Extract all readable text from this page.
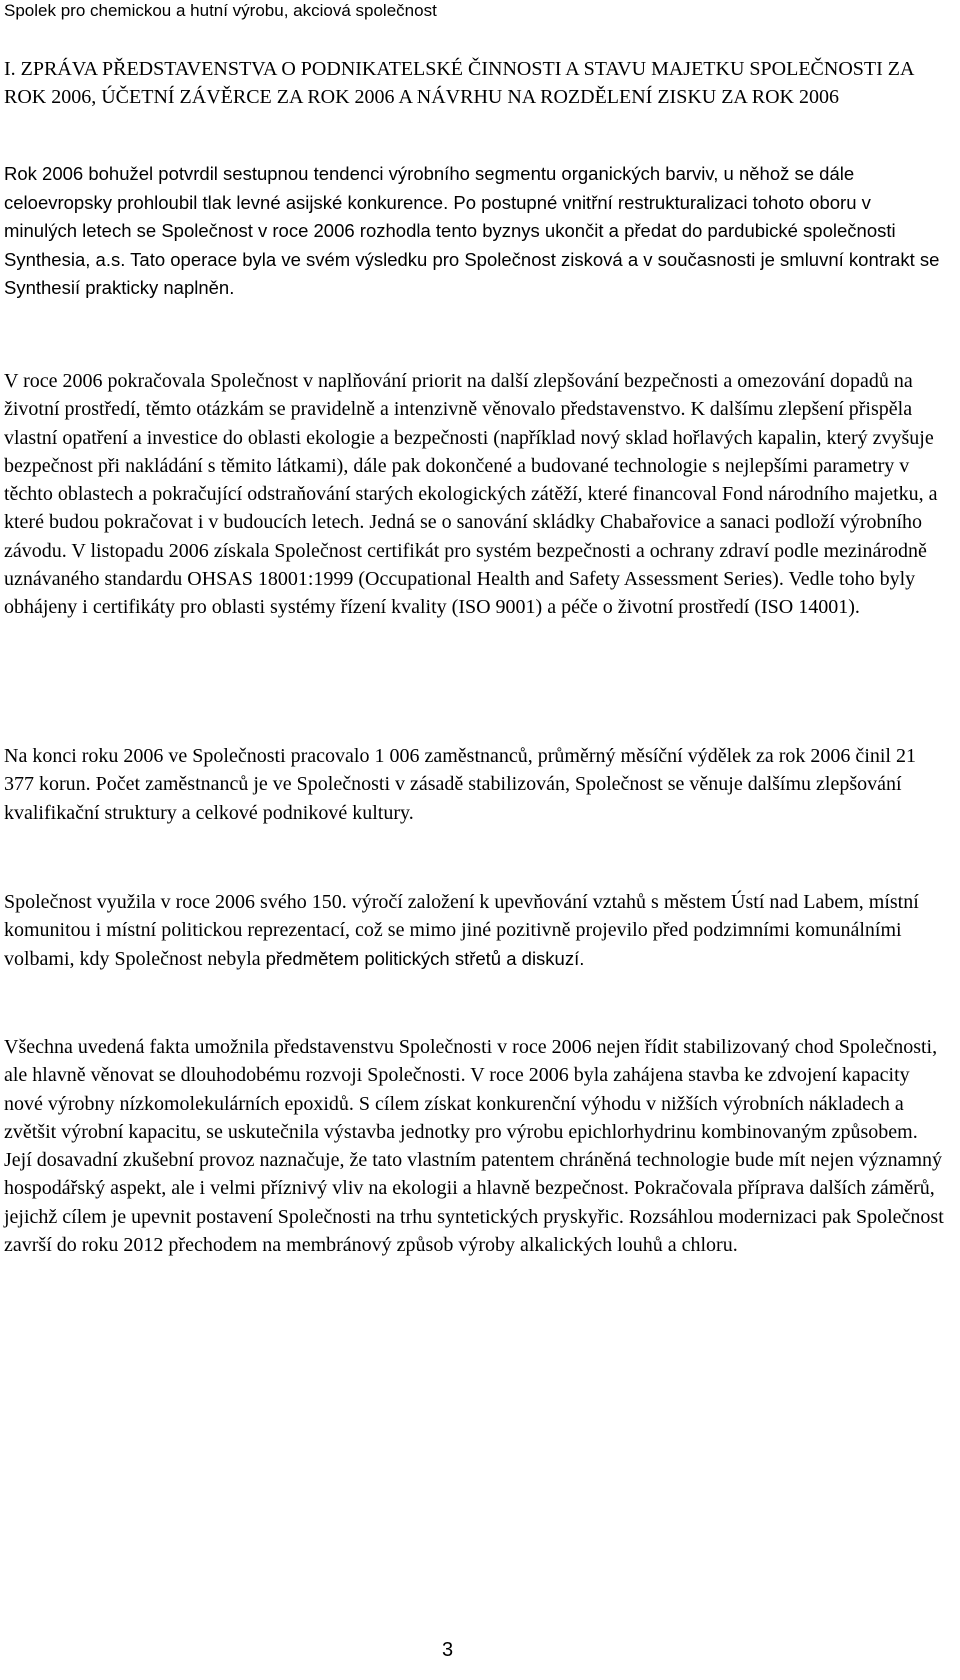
Spolek pro chemickou a hutní výrobu, akciová společnost
I. ZPRÁVA PŘEDSTAVENSTVA O PODNIKATELSKÉ ČINNOSTI A STAVU MAJETKU SPOLEČNOSTI ZA ROK 2006, ÚČETNÍ ZÁVĚRCE ZA ROK 2006 A NÁVRHU NA ROZDĚLENÍ ZISKU ZA ROK 2006
Rok 2006 bohužel potvrdil sestupnou tendenci výrobního segmentu organických barviv, u něhož se dále celoevropsky prohloubil tlak levné asijské konkurence. Po postupné vnitřní restrukturalizaci tohoto oboru v minulých letech se Společnost v roce 2006 rozhodla tento byznys ukončit a předat do pardubické společnosti Synthesia, a.s. Tato operace byla ve svém výsledku pro Společnost zisková a v současnosti je smluvní kontrakt se Synthesií prakticky naplněn.
V roce 2006 pokračovala Společnost v naplňování priorit na další zlepšování bezpečnosti a omezování dopadů na životní prostředí, těmto otázkám se pravidelně a intenzivně věnovalo představenstvo. K dalšímu zlepšení přispěla vlastní opatření a investice do oblasti ekologie a bezpečnosti (například nový sklad hořlavých kapalin, který zvyšuje bezpečnost při nakládání s těmito látkami), dále pak dokončené a budované technologie s nejlepšími parametry v těchto oblastech a pokračující odstraňování starých ekologických zátěží, které financoval Fond národního majetku, a které budou pokračovat i v budoucích letech. Jedná se o sanování skládky Chabařovice a sanaci podloží výrobního závodu. V listopadu 2006 získala Společnost certifikát pro systém bezpečnosti a ochrany zdraví podle mezinárodně uznávaného standardu OHSAS 18001:1999 (Occupational Health and Safety Assessment Series). Vedle toho byly obhájeny i certifikáty pro oblasti systémy řízení kvality (ISO 9001) a péče o životní prostředí (ISO 14001).
Na konci roku 2006 ve Společnosti pracovalo 1 006 zaměstnanců, průměrný měsíční výdělek za rok 2006 činil 21 377 korun. Počet zaměstnanců je ve Společnosti v zásadě stabilizován, Společnost se věnuje dalšímu zlepšování kvalifikační struktury a celkové podnikové kultury.
Společnost využila v roce 2006 svého 150. výročí založení k upevňování vztahů s městem Ústí nad Labem, místní komunitou i místní politickou reprezentací, což se mimo jiné pozitivně projevilo před podzimními komunálními volbami, kdy Společnost nebyla předmětem politických střetů a diskuzí.
Všechna uvedená fakta umožnila představenstvu Společnosti v roce 2006 nejen řídit stabilizovaný chod Společnosti, ale hlavně věnovat se dlouhodobému rozvoji Společnosti. V roce 2006 byla zahájena stavba ke zdvojení kapacity nové výrobny nízkomolekulárních epoxidů. S cílem získat konkurenční výhodu v nižších výrobních nákladech a zvětšit výrobní kapacitu, se uskutečnila výstavba jednotky pro výrobu epichlorhydrinu kombinovaným způsobem. Její dosavadní zkušební provoz naznačuje, že tato vlastním patentem chráněná technologie bude mít nejen významný hospodářský aspekt, ale i velmi příznivý vliv na ekologii a hlavně bezpečnost. Pokračovala příprava dalších záměrů, jejichž cílem je upevnit postavení Společnosti na trhu syntetických pryskyřic. Rozsáhlou modernizaci pak Společnost završí do roku 2012 přechodem na membránový způsob výroby alkalických louhů a chloru.
3
